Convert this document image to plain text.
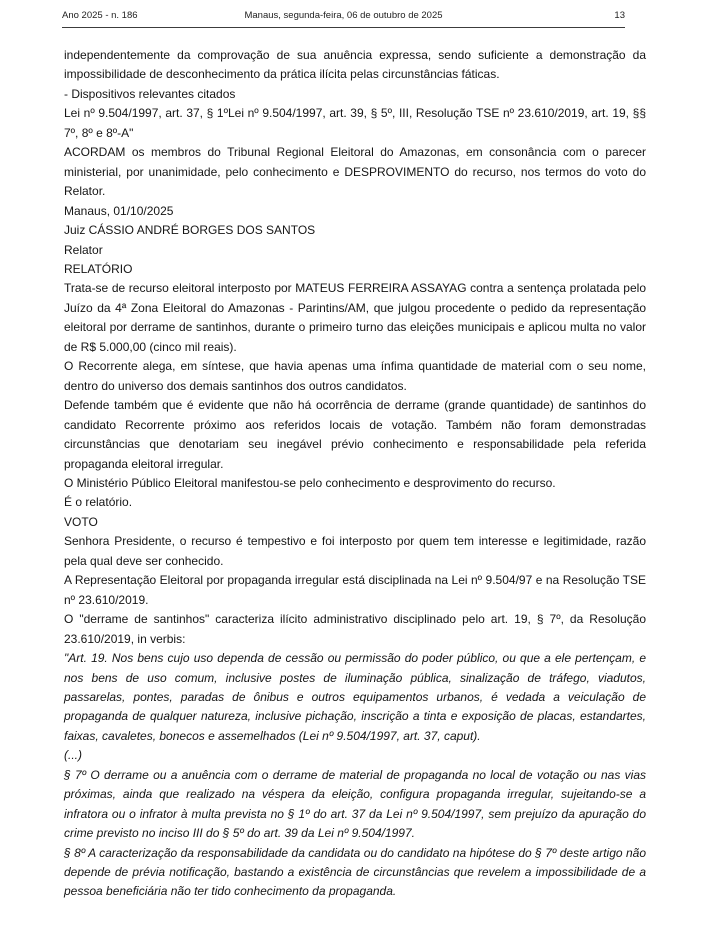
Ano 2025 - n. 186	Manaus, segunda-feira, 06 de outubro de 2025	13

independentemente da comprovação de sua anuência expressa, sendo suficiente a demonstração da impossibilidade de desconhecimento da prática ilícita pelas circunstâncias fáticas.

- Dispositivos relevantes citados

Lei nº 9.504/1997, art. 37, § 1ºLei nº 9.504/1997, art. 39, § 5º, III, Resolução TSE nº 23.610/2019, art. 19, §§ 7º, 8º e 8º-A"

ACORDAM os membros do Tribunal Regional Eleitoral do Amazonas, em consonância com o parecer ministerial, por unanimidade, pelo conhecimento e DESPROVIMENTO do recurso, nos termos do voto do Relator.

Manaus, 01/10/2025

Juiz CÁSSIO ANDRÉ BORGES DOS SANTOS

Relator

RELATÓRIO

Trata-se de recurso eleitoral interposto por MATEUS FERREIRA ASSAYAG contra a sentença prolatada pelo Juízo da 4ª Zona Eleitoral do Amazonas - Parintins/AM, que julgou procedente o pedido da representação eleitoral por derrame de santinhos, durante o primeiro turno das eleições municipais e aplicou multa no valor de R$ 5.000,00 (cinco mil reais).

O Recorrente alega, em síntese, que havia apenas uma ínfima quantidade de material com o seu nome, dentro do universo dos demais santinhos dos outros candidatos.

Defende também que é evidente que não há ocorrência de derrame (grande quantidade) de santinhos do candidato Recorrente próximo aos referidos locais de votação. Também não foram demonstradas circunstâncias que denotariam seu inegável prévio conhecimento e responsabilidade pela referida propaganda eleitoral irregular.

O Ministério Público Eleitoral manifestou-se pelo conhecimento e desprovimento do recurso.

É o relatório.

VOTO

Senhora Presidente, o recurso é tempestivo e foi interposto por quem tem interesse e legitimidade, razão pela qual deve ser conhecido.

A Representação Eleitoral por propaganda irregular está disciplinada na Lei nº 9.504/97 e na Resolução TSE nº 23.610/2019.

O "derrame de santinhos" caracteriza ilícito administrativo disciplinado pelo art. 19, § 7º, da Resolução 23.610/2019, in verbis:

"Art. 19. Nos bens cujo uso dependa de cessão ou permissão do poder público, ou que a ele pertençam, e nos bens de uso comum, inclusive postes de iluminação pública, sinalização de tráfego, viadutos, passarelas, pontes, paradas de ônibus e outros equipamentos urbanos, é vedada a veiculação de propaganda de qualquer natureza, inclusive pichação, inscrição a tinta e exposição de placas, estandartes, faixas, cavaletes, bonecos e assemelhados (Lei nº 9.504/1997, art. 37, caput).

(...)

§ 7º O derrame ou a anuência com o derrame de material de propaganda no local de votação ou nas vias próximas, ainda que realizado na véspera da eleição, configura propaganda irregular, sujeitando-se a infratora ou o infrator à multa prevista no § 1º do art. 37 da Lei nº 9.504/1997, sem prejuízo da apuração do crime previsto no inciso III do § 5º do art. 39 da Lei nº 9.504/1997.

§ 8º A caracterização da responsabilidade da candidata ou do candidato na hipótese do § 7º deste artigo não depende de prévia notificação, bastando a existência de circunstâncias que revelem a impossibilidade de a pessoa beneficiária não ter tido conhecimento da propaganda.
